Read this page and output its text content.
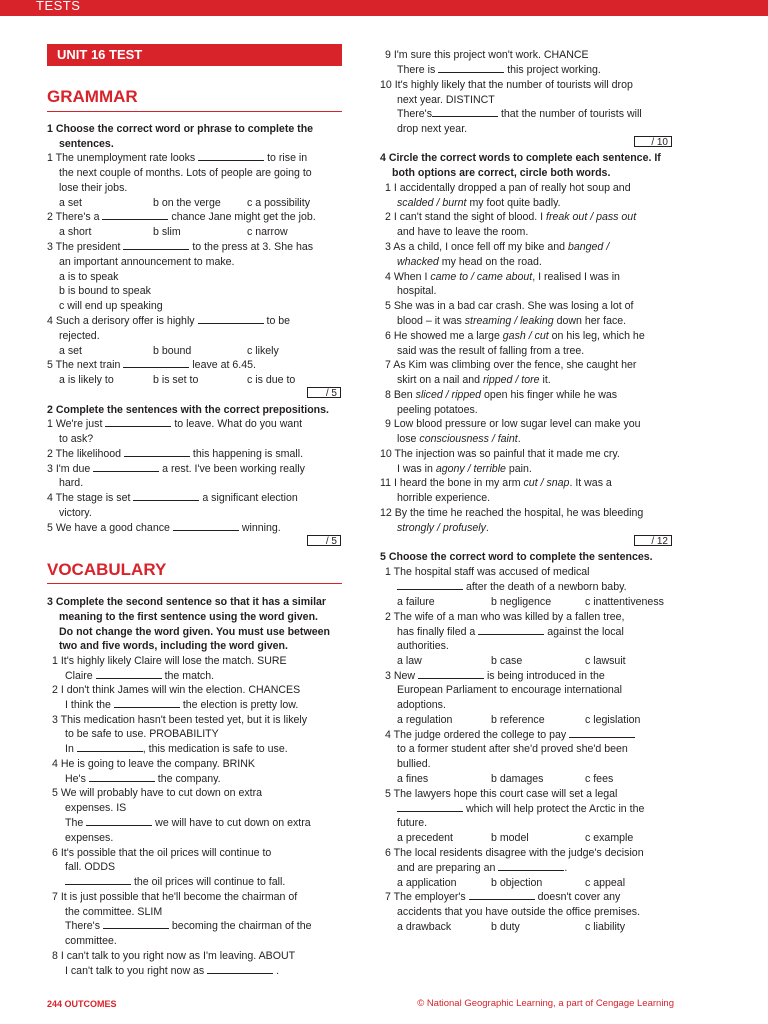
TESTS
UNIT 16 TEST
GRAMMAR
1 Choose the correct word or phrase to complete the
sentences.
1 The unemployment rate looks	to rise in
the next couple of months. Lots of people are going to
lose their jobs.
a set	b on the verge c a possibility
2 There's a	chance Jane might get the job.
a short	b slim	c narrow
3 The president	to the press at 3. She has
an important announcement to make.
a is to speak
b is bound to speak
c will end up speaking
4 Such a derisory offer is highly	to be
rejected.
a set	b bound	c likely
5 The next train	leave at 6.45.
a is likely to	b is set to	c is due to
/ 5
2 Complete the sentences with the correct prepositions.
1 We're just	to leave. What do you want
to ask?
2 The likelihood	this happening is small.
3 I'm due	a rest. I've been working really
hard.
4 The stage is set	a significant election
victory.
5 We have a good chance	winning.
/ 5
3 Complete the second sentence so that it has a similar
meaning to the first sentence using the word given.
Do not change the word given. You must use between
two and five words, including the word given.
1 It's highly likely Claire will lose the match. SURE
Claire	the match.
2 I don't think James will win the election. CHANCES
I think the	the election is pretty low.
3 This medication hasn't been tested yet, but it is likely
to be safe to use. PROBABILITY
In	, this medication is safe to use.
4 He is going to leave the company. BRINK
He's	the company.
5 We will probably have to cut down on extra
expenses. IS
The	we will have to cut down on extra
expenses.
6 It's possible that the oil prices will continue to
fall. ODDS
the oil prices will continue to fall.
7 It is just possible that he'll become the chairman of
the committee. SLIM
There's	becoming the chairman of the
committee.
8 I can't talk to you right now as I'm leaving. ABOUT
I can't talk to you right now as	.
VOCABULARY
9 I'm sure this project won't work. CHANCE
There is	this project working.
10 It's highly likely that the number of tourists will drop
next year. DISTINCT
There's	that the number of tourists will
drop next year.
/ 10
4 Circle the correct words to complete each sentence. If
both options are correct, circle both words.
1 I accidentally dropped a pan of really hot soup and
scalded / burnt my foot quite badly.
2 I can't stand the sight of blood. I freak out / pass out
and have to leave the room.
3 As a child, I once fell off my bike and banged /
whacked my head on the road.
4 When I came to / came about, I realised I was in
hospital.
5 She was in a bad car crash. She was losing a lot of
blood – it was streaming / leaking down her face.
6 He showed me a large gash / cut on his leg, which he
said was the result of falling from a tree.
7 As Kim was climbing over the fence, she caught her
skirt on a nail and ripped / tore it.
8 Ben sliced / ripped open his finger while he was
peeling potatoes.
9 Low blood pressure or low sugar level can make you
lose consciousness / faint.
10 The injection was so painful that it made me cry.
I was in agony / terrible pain.
11 I heard the bone in my arm cut / snap. It was a
horrible experience.
12 By the time he reached the hospital, he was bleeding
strongly / profusely.
/ 12
5 Choose the correct word to complete the sentences.
1 The hospital staff was accused of medical
after the death of a newborn baby.
a failure	b negligence	c inattentiveness
2 The wife of a man who was killed by a fallen tree,
has finally filed a	against the local
authorities.
a law	b case	c lawsuit
3 New	is being introduced in the
European Parliament to encourage international
adoptions.
a regulation	b reference	c legislation
4 The judge ordered the college to pay
to a former student after she'd proved she'd been
bullied.
a fines	b damages	c fees
5 The lawyers hope this court case will set a legal
which will help protect the Arctic in the
future.
a precedent	b model	c example
6 The local residents disagree with the judge's decision
and are preparing an	.
a application	b objection	c appeal
7 The employer's	doesn't cover any
accidents that you have outside the office premises.
a drawback	b duty	c liability
244 OUTCOMES	© National Geographic Learning, a part of Cengage Learning
